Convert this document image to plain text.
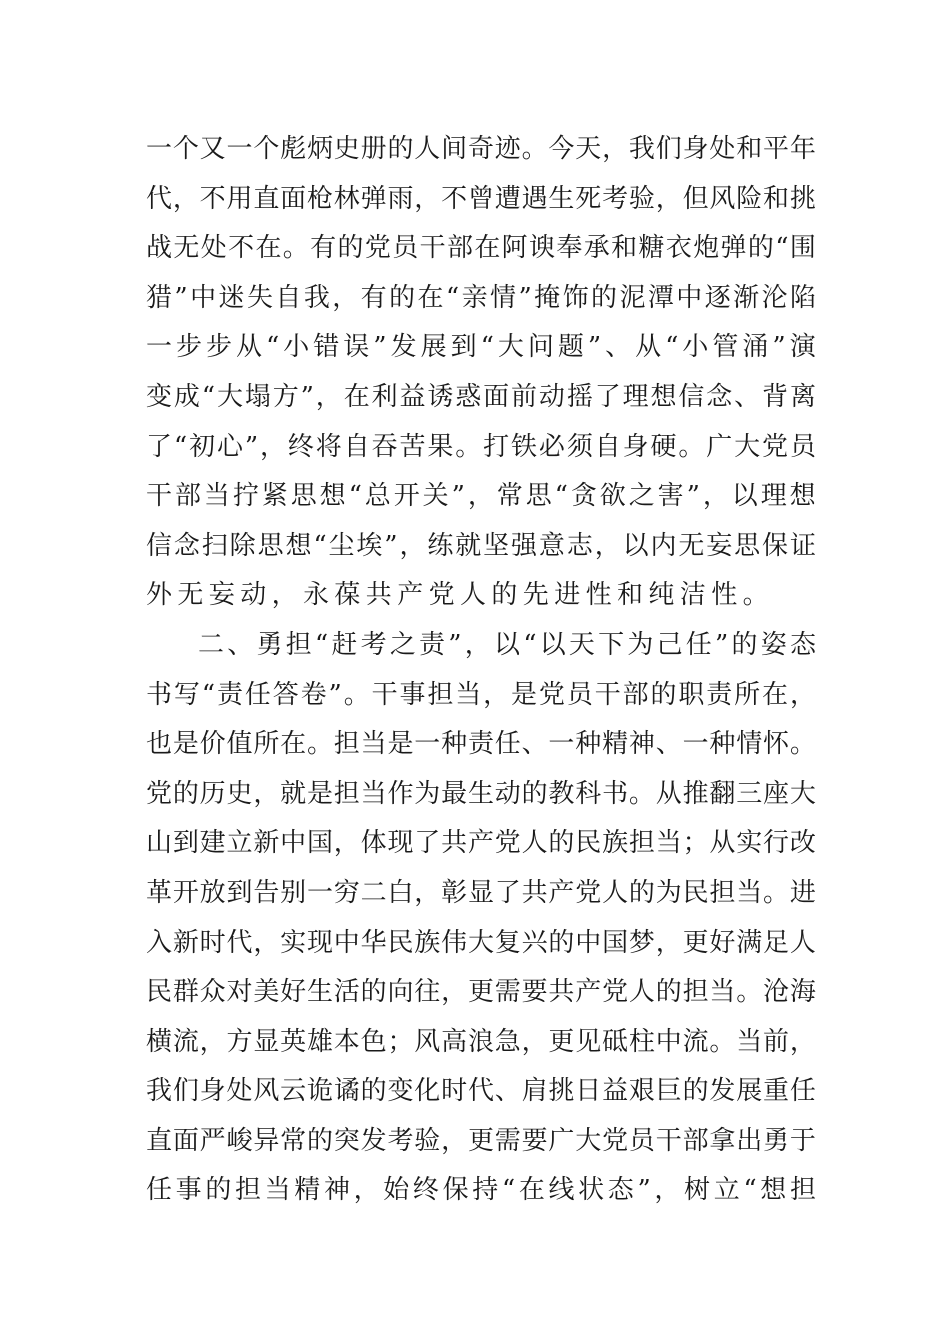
一 个 又 一 个 彪 炳 史 册 的 人 间 奇 迹 。 今 天 ， 我 们 身 处 和 平 年
代 ， 不 用 直 面 枪 林 弹 雨 ， 不 曾 遭 遇 生 死 考 验 ， 但 风 险 和 挑
战 无 处 不 在 。 有 的 党 员 干 部 在 阿 谀 奉 承 和 糖 衣 炮 弹 的 “ 围
猎 ” 中 迷 失 自 我 ， 有 的 在 “ 亲 情 ” 掩 饰 的 泥 潭 中 逐 渐 沦 陷
一 步 步 从 “ 小 错 误 ” 发 展 到 “ 大 问 题 ” 、 从 “ 小 管 涌 ” 演
变 成 “ 大 塌 方 ” ， 在 利 益 诱 惑 面 前 动 摇 了 理 想 信 念 、 背 离
了 “ 初 心 ” ， 终 将 自 吞 苦 果 。 打 铁 必 须 自 身 硬 。 广 大 党 员
干 部 当 拧 紧 思 想 “ 总 开 关 ” ， 常 思 “ 贪 欲 之 害 ” ， 以 理 想
信 念 扫 除 思 想 “ 尘 埃 ” ， 练 就 坚 强 意 志 ， 以 内 无 妄 思 保 证
外无妄动，永葆共产党人的先进性和纯洁性。
二 、 勇 担 “ 赶 考 之 责 ” ， 以 “ 以 天 下 为 己 任 ” 的 姿 态
书 写 “ 责 任 答 卷 ” 。 干 事 担 当 ， 是 党 员 干 部 的 职 责 所 在 ，
也 是 价 值 所 在 。 担 当 是 一 种 责 任 、 一 种 精 神 、 一 种 情 怀 。
党 的 历 史 ， 就 是 担 当 作 为 最 生 动 的 教 科 书 。 从 推 翻 三 座 大
山 到 建 立 新 中 国 ， 体 现 了 共 产 党 人 的 民 族 担 当 ； 从 实 行 改
革 开 放 到 告 别 一 穷 二 白 ， 彰 显 了 共 产 党 人 的 为 民 担 当 。 进
入 新 时 代 ， 实 现 中 华 民 族 伟 大 复 兴 的 中 国 梦 ， 更 好 满 足 人
民 群 众 对 美 好 生 活 的 向 往 ， 更 需 要 共 产 党 人 的 担 当 。 沧 海
横 流 ， 方 显 英 雄 本 色 ； 风 高 浪 急 ， 更 见 砥 柱 中 流 。 当 前 ，
我 们 身 处 风 云 诡 谲 的 变 化 时 代 、 肩 挑 日 益 艰 巨 的 发 展 重 任
直 面 严 峻 异 常 的 突 发 考 验 ， 更 需 要 广 大 党 员 干 部 拿 出 勇 于
任 事 的 担 当 精 神 ， 始 终 保 持 “ 在 线 状 态 ” ， 树 立 “ 想 担
